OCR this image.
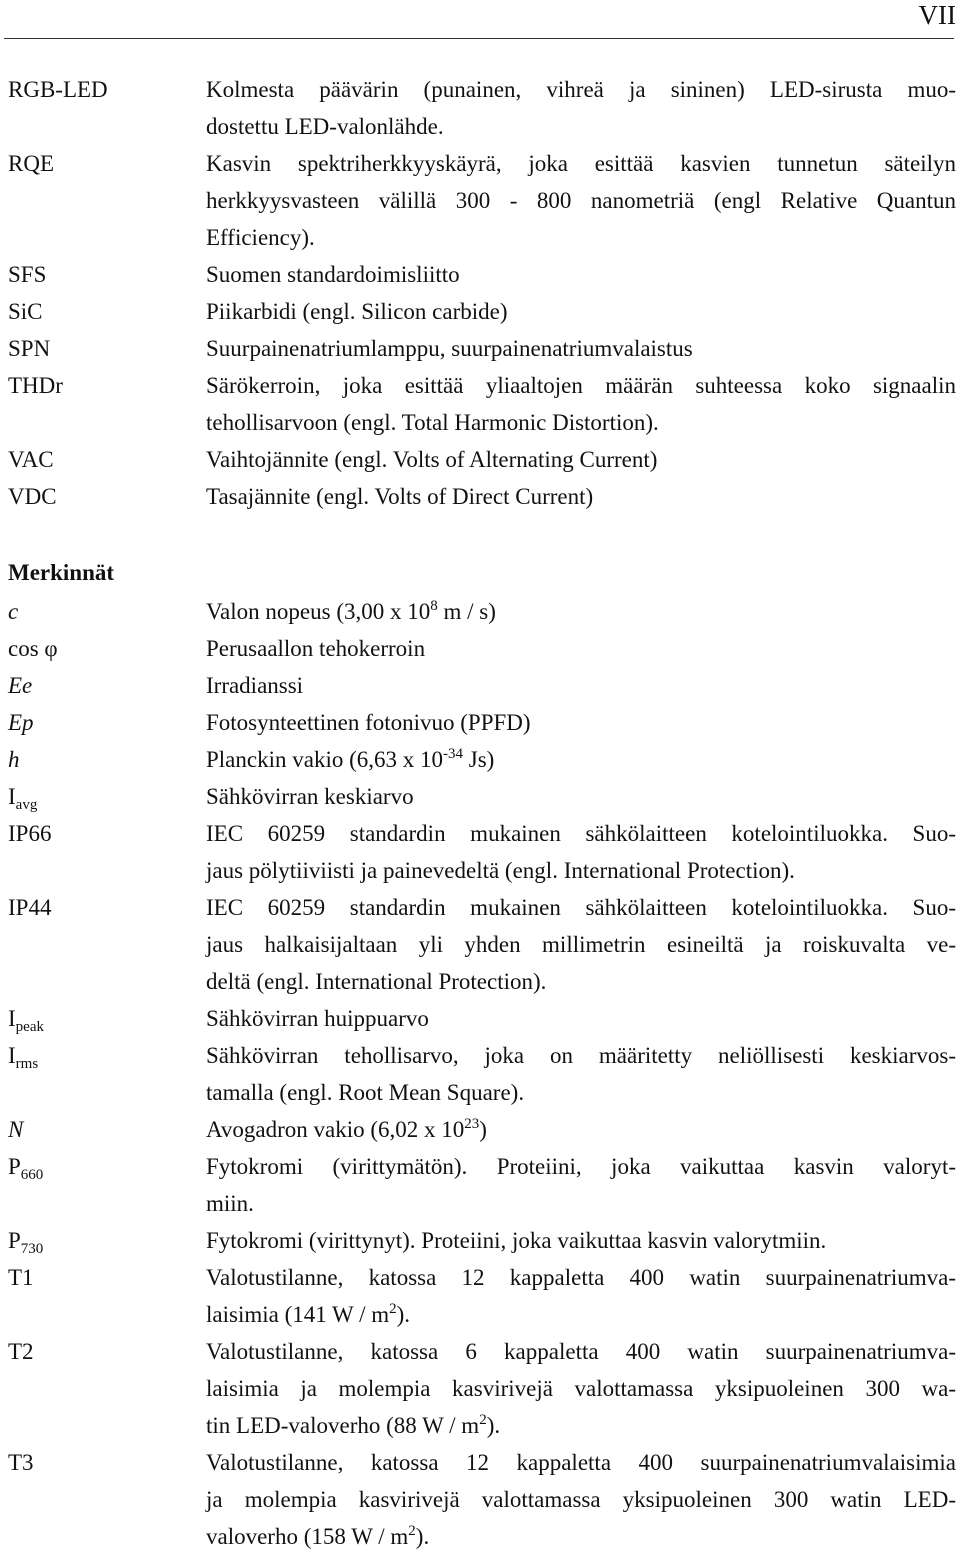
VII
RGB-LED	Kolmesta päävärin (punainen, vihreä ja sininen) LED-sirusta muo-
dostettu LED-valonlähde.
RQE	Kasvin spektriherkkyyskäyrä, joka esittää kasvien tunnetun säteilyn
herkkyysvasteen välillä 300 - 800 nanometriä (engl Relative Quantun
Efficiency).
SFS	Suomen standardoimisliitto
SiC	Piikarbidi (engl. Silicon carbide)
SPN	Suurpainenatriumlamppu, suurpainenatriumvalaistus
THDr	Särökerroin, joka esittää yliaaltojen määrän suhteessa koko signaalin
tehollisarvoon (engl. Total Harmonic Distortion).
VAC	Vaihtojännite (engl. Volts of Alternating Current)
VDC	Tasajännite (engl. Volts of Direct Current)
Merkinnät
c	Valon nopeus (3,00 x $10^8$ m / s)
cos φ	Perusaallon tehokerroin
Ee	Irradianssi
Ep	Fotosynteettinen fotonivuo (PPFD)
h	Planckin vakio (6,63 x $10^{-34}$ Js)
$I_{avg}$	Sähkövirran keskiarvo
IP66	IEC 60259 standardin mukainen sähkölaitteen kotelointiluokka. Suo-
jaus pölytiiviisti ja painevedeltä (engl. International Protection).
IP44	IEC 60259 standardin mukainen sähkölaitteen kotelointiluokka. Suo-
jaus halkaisijaltaan yli yhden millimetrin esineiltä ja roiskuvalta ve-
deltä (engl. International Protection).
$I_{peak}$	Sähkövirran huippuarvo
$I_{rms}$	Sähkövirran tehollisarvo, joka on määritetty neliöllisesti keskiarvos-
tamalla (engl. Root Mean Square).
N	Avogadron vakio (6,02 x $10^{23}$)
$P_{660}$	Fytokromi (virittymätön). Proteiini, joka vaikuttaa kasvin valoryt-
miin.
$P_{730}$	Fytokromi (virittynyt). Proteiini, joka vaikuttaa kasvin valorytmiin.
T1	Valotustilanne, katossa 12 kappaletta 400 watin suurpainenatriumva-
laisimia (141 W / $m^2$).
T2	Valotustilanne, katossa 6 kappaletta 400 watin suurpainenatriumva-
laisimia ja molempia kasvirivejä valottamassa yksipuoleinen 300 wa-
tin LED-valoverho (88 W / $m^2$).
T3	Valotustilanne, katossa 12 kappaletta 400 suurpainenatriumvalaisimia
ja molempia kasvirivejä valottamassa yksipuoleinen 300 watin LED-
valoverho (158 W / $m^2$).
